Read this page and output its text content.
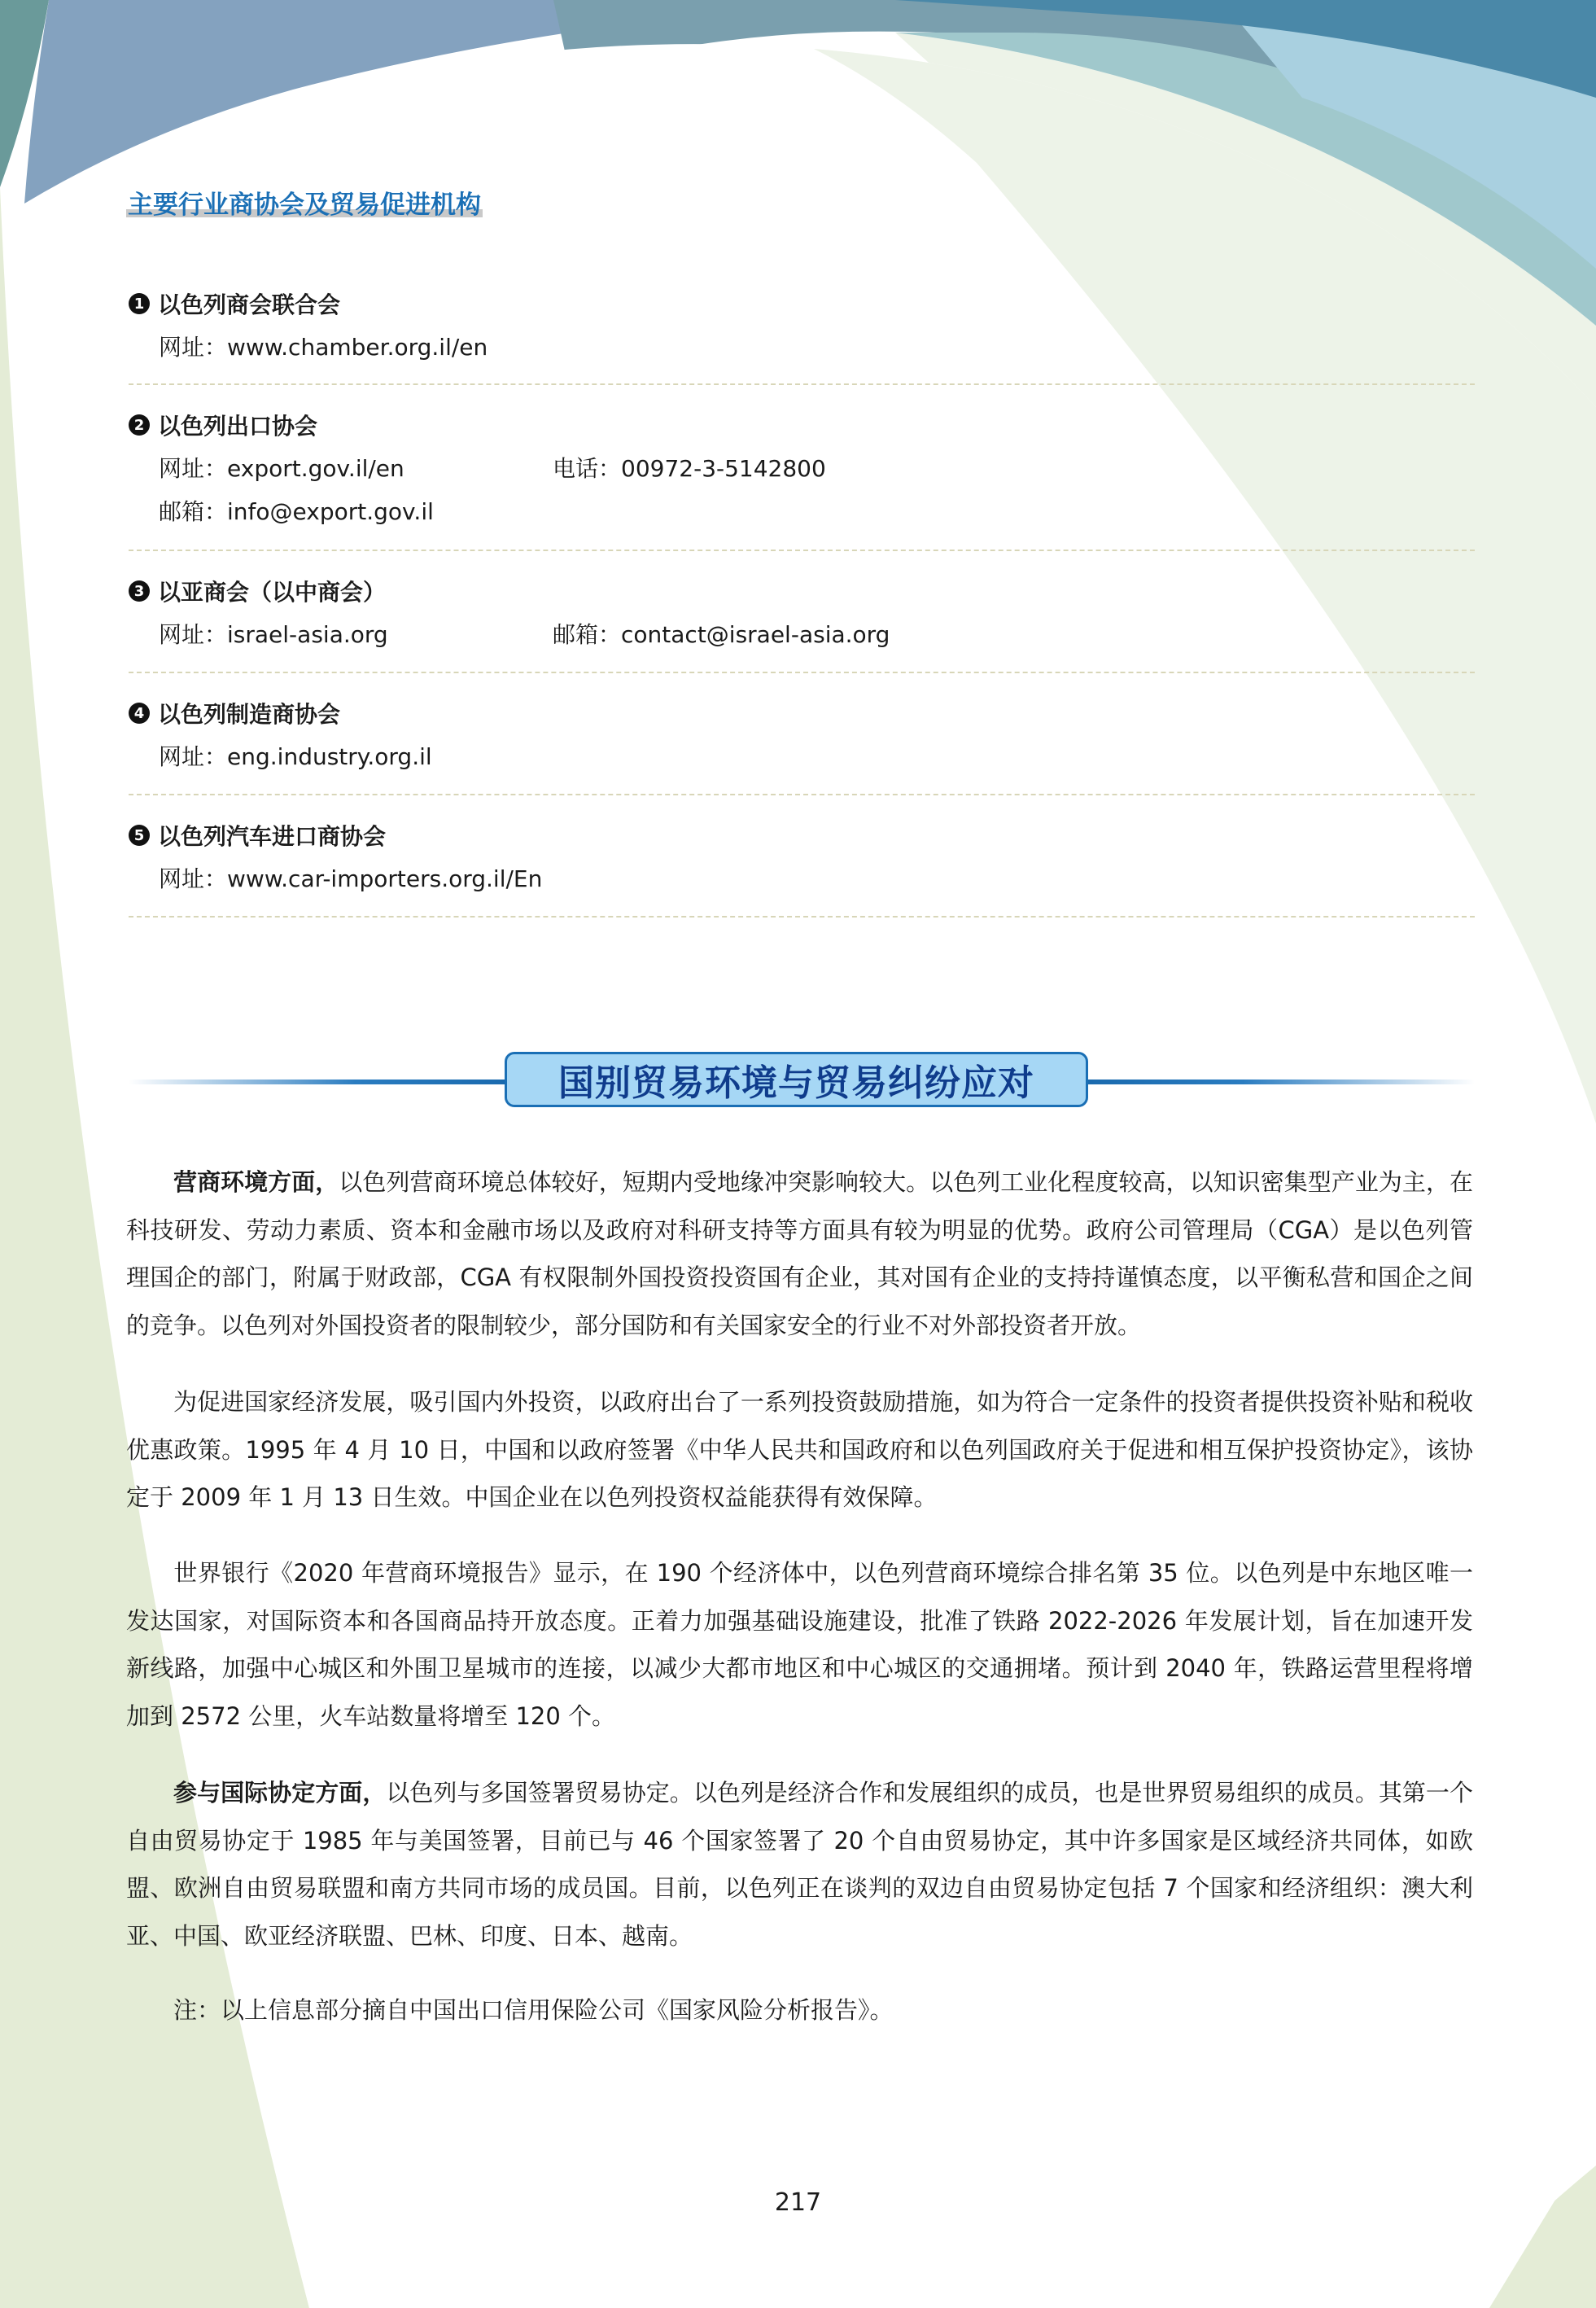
主要行业商协会及贸易促进机构
1 以色列商会联合会
网址：www.chamber.org.il/en
2 以色列出口协会
网址：export.gov.il/en	电话：00972-3-5142800
邮箱：info@export.gov.il
3 以亚商会（以中商会）
网址：israel-asia.org	邮箱：contact@israel-asia.org
4 以色列制造商协会
网址：eng.industry.org.il
5 以色列汽车进口商协会
网址：www.car-importers.org.il/En
国别贸易环境与贸易纠纷应对

营商环境方面，以色列营商环境总体较好，短期内受地缘冲突影响较大。以色列工业化程度较高，以知识密集型产业为主，在科技研发、劳动力素质、资本和金融市场以及政府对科研支持等方面具有较为明显的优势。政府公司管理局（CGA）是以色列管理国企的部门，附属于财政部，CGA 有权限制外国投资投资国有企业，其对国有企业的支持持谨慎态度，以平衡私营和国企之间的竞争。以色列对外国投资者的限制较少，部分国防和有关国家安全的行业不对外部投资者开放。

为促进国家经济发展，吸引国内外投资，以政府出台了一系列投资鼓励措施，如为符合一定条件的投资者提供投资补贴和税收优惠政策。1995 年 4 月 10 日，中国和以政府签署《中华人民共和国政府和以色列国政府关于促进和相互保护投资协定》，该协定于 2009 年 1 月 13 日生效。中国企业在以色列投资权益能获得有效保障。

世界银行《2020 年营商环境报告》显示，在 190 个经济体中，以色列营商环境综合排名第 35 位。以色列是中东地区唯一发达国家，对国际资本和各国商品持开放态度。正着力加强基础设施建设，批准了铁路 2022-2026 年发展计划，旨在加速开发新线路，加强中心城区和外围卫星城市的连接，以减少大都市地区和中心城区的交通拥堵。预计到 2040 年，铁路运营里程将增加到 2572 公里，火车站数量将增至 120 个。

参与国际协定方面，以色列与多国签署贸易协定。以色列是经济合作和发展组织的成员，也是世界贸易组织的成员。其第一个自由贸易协定于 1985 年与美国签署，目前已与 46 个国家签署了 20 个自由贸易协定，其中许多国家是区域经济共同体，如欧盟、欧洲自由贸易联盟和南方共同市场的成员国。目前，以色列正在谈判的双边自由贸易协定包括 7 个国家和经济组织：澳大利亚、中国、欧亚经济联盟、巴林、印度、日本、越南。

注：以上信息部分摘自中国出口信用保险公司《国家风险分析报告》。

217
